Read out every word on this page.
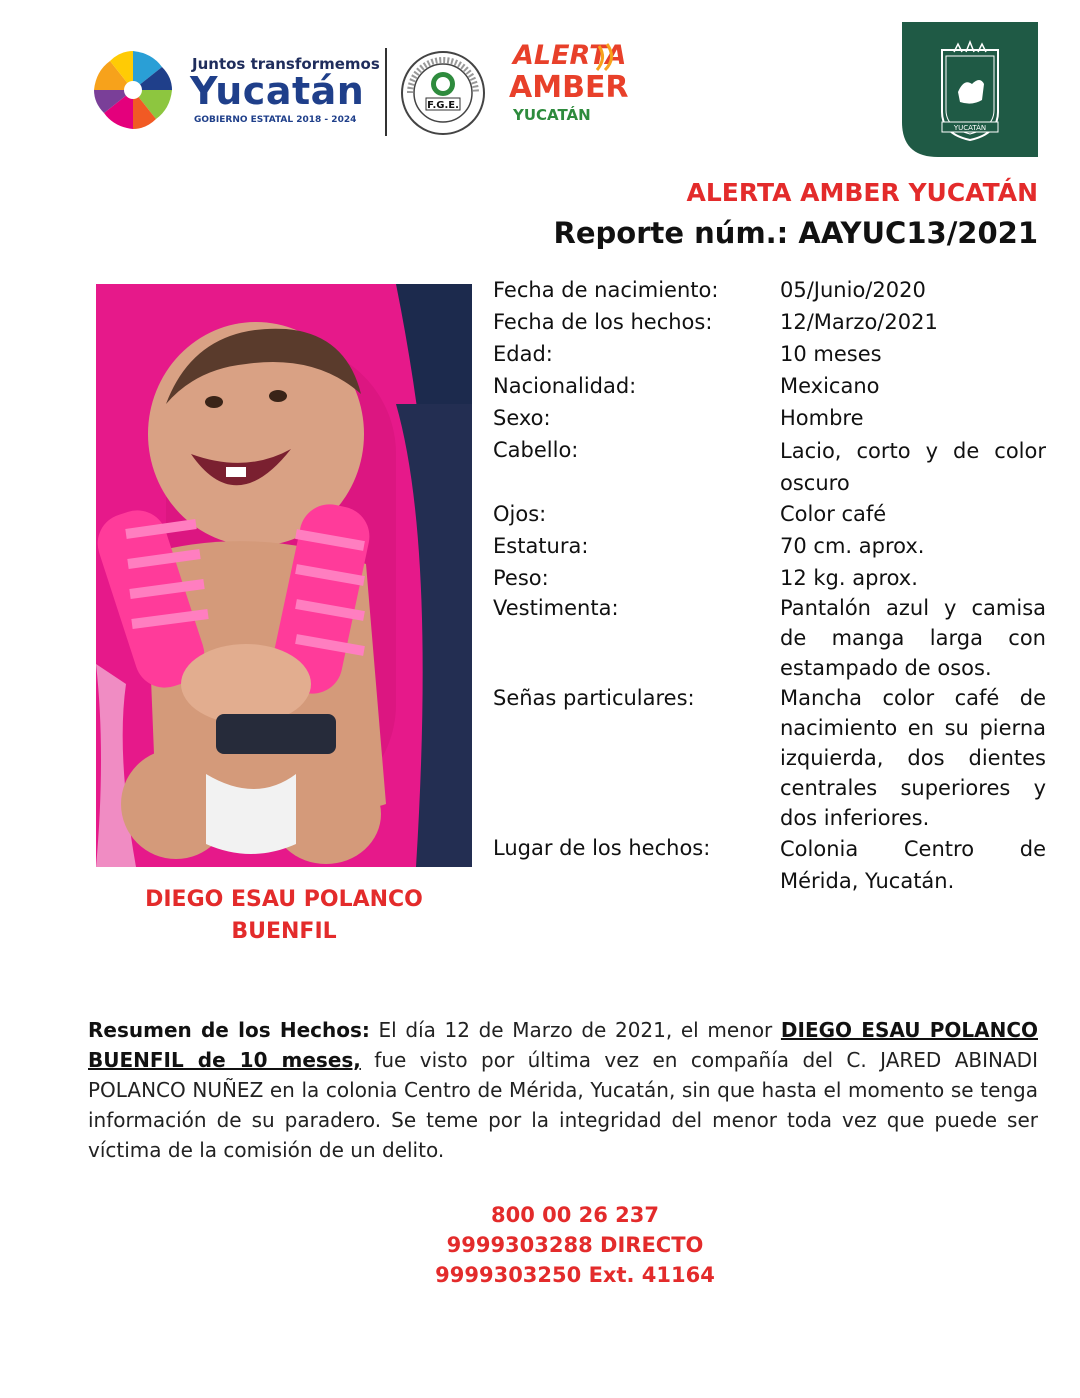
Juntos transformemos
Yucatán
GOBIERNO ESTATAL 2018 - 2024
F.G.E.
ALERTA
AMBER
YUCATÁN
YUCATÁN
ALERTA AMBER YUCATÁN
Reporte núm.: AAYUC13/2021
DIEGO ESAU POLANCO
BUENFIL
Fecha de nacimiento:	05/Junio/2020
Fecha de los hechos:	12/Marzo/2021
Edad:	10 meses
Nacionalidad:	Mexicano
Sexo:	Hombre
Cabello:	Lacio, corto y de color oscuro
Ojos:	Color café
Estatura:	70 cm. aprox.
Peso:	12 kg. aprox.
Vestimenta:	Pantalón azul y camisa de manga larga con estampado de osos.
Señas particulares:	Mancha color café de nacimiento en su pierna izquierda, dos dientes centrales superiores y dos inferiores.
Lugar de los hechos:	Colonia Centro de Mérida, Yucatán.
Resumen de los Hechos: El día 12 de Marzo de 2021, el menor DIEGO ESAU POLANCO BUENFIL de 10 meses, fue visto por última vez en compañía del C. JARED ABINADI POLANCO NUÑEZ en la colonia Centro de Mérida, Yucatán, sin que hasta el momento se tenga información de su paradero. Se teme por la integridad del menor toda vez que puede ser víctima de la comisión de un delito.
800 00 26 237
9999303288 DIRECTO
9999303250 Ext. 41164
